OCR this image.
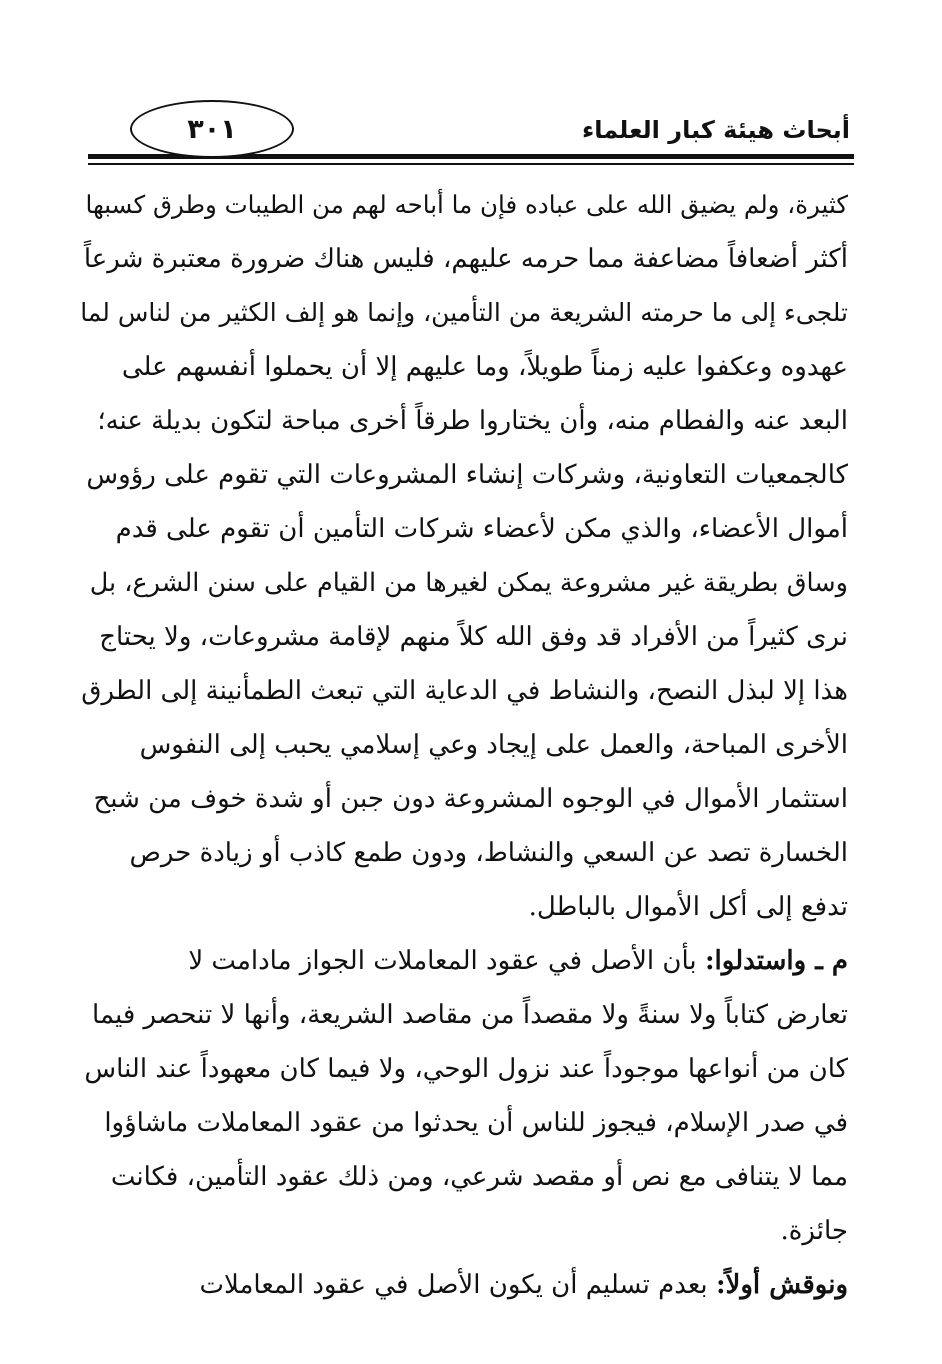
٣٠١	أبحاث هيئة كبار العلماء
كثيرة، ولم يضيق الله على عباده فإن ما أباحه لهم من الطيبات وطرق كسبها
أكثر أضعافاً مضاعفة مما حرمه عليهم، فليس هناك ضرورة معتبرة شرعاً
تلجىء إلى ما حرمته الشريعة من التأمين، وإنما هو إلف الكثير من لناس لما
عهدوه وعكفوا عليه زمناً طويلاً، وما عليهم إلا أن يحملوا أنفسهم على
البعد عنه والفطام منه، وأن يختاروا طرقاً أخرى مباحة لتكون بديلة عنه؛
كالجمعيات التعاونية، وشركات إنشاء المشروعات التي تقوم على رؤوس
أموال الأعضاء، والذي مكن لأعضاء شركات التأمين أن تقوم على قدم
وساق بطريقة غير مشروعة يمكن لغيرها من القيام على سنن الشرع، بل
نرى كثيراً من الأفراد قد وفق الله كلاً منهم لإقامة مشروعات، ولا يحتاج
هذا إلا لبذل النصح، والنشاط في الدعاية التي تبعث الطمأنينة إلى الطرق
الأخرى المباحة، والعمل على إيجاد وعي إسلامي يحبب إلى النفوس
استثمار الأموال في الوجوه المشروعة دون جبن أو شدة خوف من شبح
الخسارة تصد عن السعي والنشاط، ودون طمع كاذب أو زيادة حرص
تدفع إلى أكل الأموال بالباطل.
م ـ واستدلوا: بأن الأصل في عقود المعاملات الجواز مادامت لا
تعارض كتاباً ولا سنةً ولا مقصداً من مقاصد الشريعة، وأنها لا تنحصر فيما
كان من أنواعها موجوداً عند نزول الوحي، ولا فيما كان معهوداً عند الناس
في صدر الإسلام، فيجوز للناس أن يحدثوا من عقود المعاملات ماشاؤوا
مما لا يتنافى مع نص أو مقصد شرعي، ومن ذلك عقود التأمين، فكانت
جائزة.
ونوقش أولاً: بعدم تسليم أن يكون الأصل في عقود المعاملات
